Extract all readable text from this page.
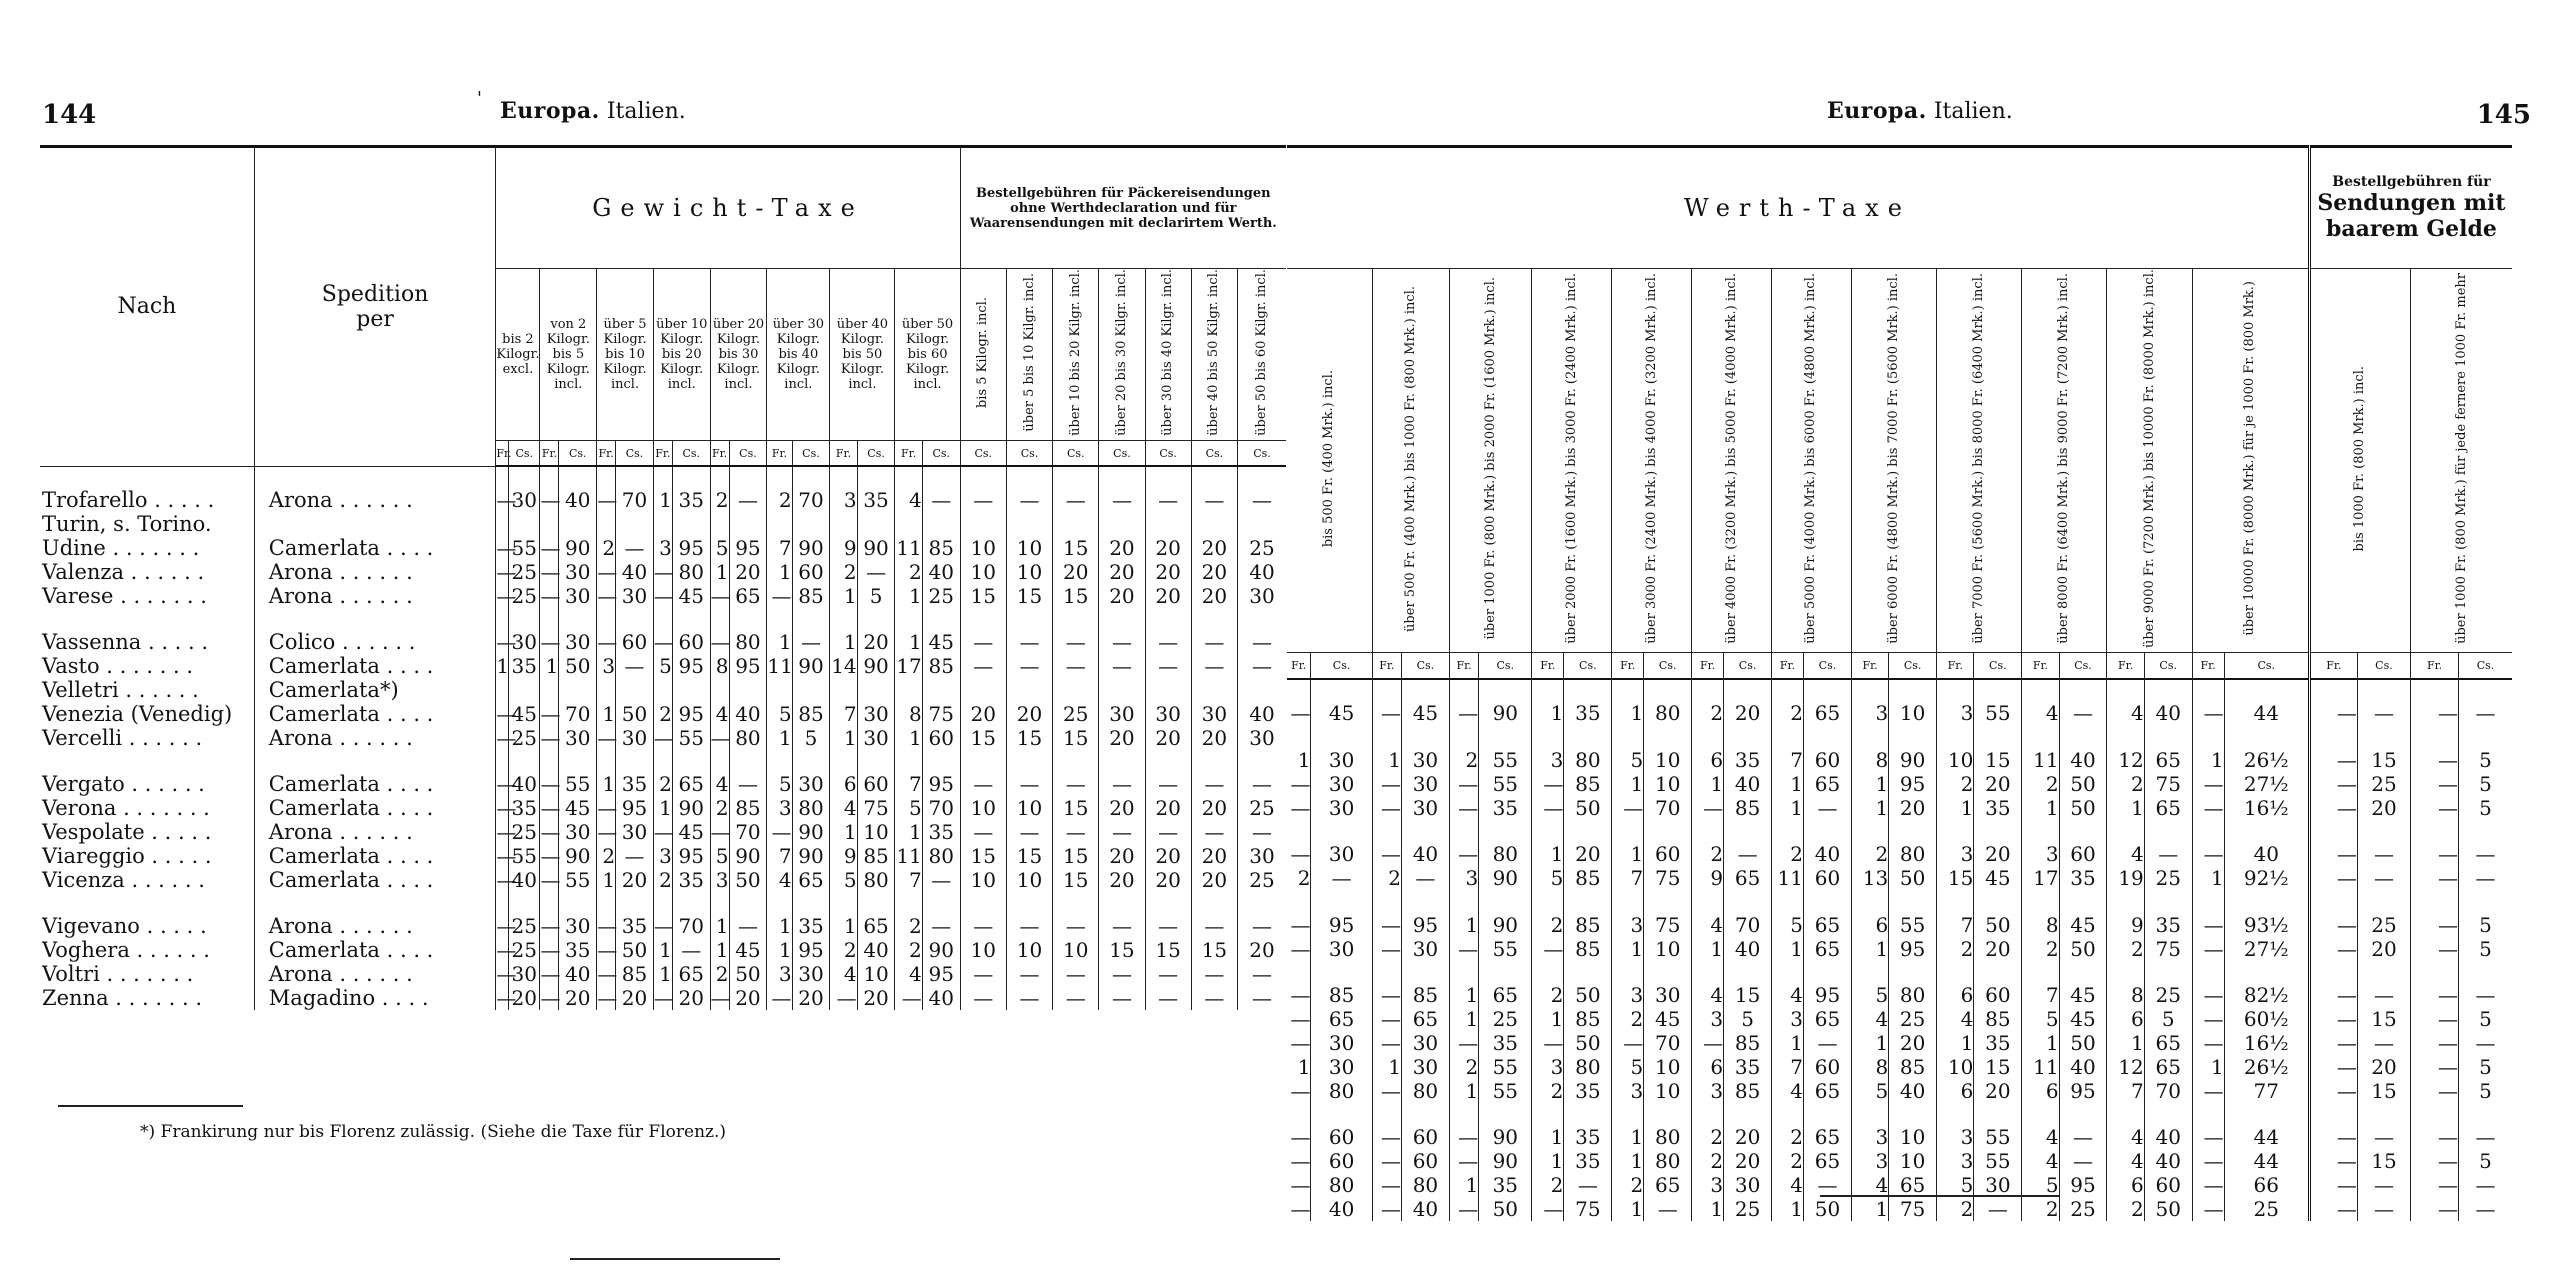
144
' Europa. Italien.
Nach	Spedition per	Gewicht-Taxe																Bestellgebühren für Päckereisendungen ohne Werthdeclaration und für Waarensendungen mit declarirtem Werth.						
		bis 2 Kilogr. excl.		von 2 Kilogr. bis 5 Kilogr. incl.		über 5 Kilogr. bis 10 Kilogr. incl.		über 10 Kilogr. bis 20 Kilogr. incl.		über 20 Kilogr. bis 30 Kilogr. incl.		über 30 Kilogr. bis 40 Kilogr. incl.		über 40 Kilogr. bis 50 Kilogr. incl.		über 50 Kilogr. bis 60 Kilogr. incl.		bis 5 Kilogr. incl.	über 5 bis 10 Kilgr. incl.	über 10 bis 20 Kilgr. incl.	über 20 bis 30 Kilgr. incl.	über 30 bis 40 Kilgr. incl.	über 40 bis 50 Kilgr. incl.	über 50 bis 60 Kilgr. incl.
		Fr.	Cs.	Fr.	Cs.	Fr.	Cs.	Fr.	Cs.	Fr.	Cs.	Fr.	Cs.	Fr.	Cs.	Fr.	Cs.	Cs.	Cs.	Cs.	Cs.	Cs.	Cs.	Cs.

Trofarello . . . . .	Arona . . . . . .	—	30	—	40	—	70	1	35	2	—	2	70	3	35	4	—	—	—	—	—	—	—	—
Turin, s. Torino.																								
Udine . . . . . . .	Camerlata . . . .	—	55	—	90	2	—	3	95	5	95	7	90	9	90	11	85	10	10	15	20	20	20	25
Valenza . . . . . .	Arona . . . . . .	—	25	—	30	—	40	—	80	1	20	1	60	2	—	2	40	10	10	20	20	20	20	40
Varese . . . . . . .	Arona . . . . . .	—	25	—	30	—	30	—	45	—	65	—	85	1	5	1	25	15	15	15	20	20	20	30

Vassenna . . . . .	Colico . . . . . .	—	30	—	30	—	60	—	60	—	80	1	—	1	20	1	45	—	—	—	—	—	—	—
Vasto . . . . . . .	Camerlata . . . .	1	35	1	50	3	—	5	95	8	95	11	90	14	90	17	85	—	—	—	—	—	—	—
Velletri . . . . . .	Camerlata*)																							
Venezia (Venedig)	Camerlata . . . .	—	45	—	70	1	50	2	95	4	40	5	85	7	30	8	75	20	20	25	30	30	30	40
Vercelli . . . . . .	Arona . . . . . .	—	25	—	30	—	30	—	55	—	80	1	5	1	30	1	60	15	15	15	20	20	20	30

Vergato . . . . . .	Camerlata . . . .	—	40	—	55	1	35	2	65	4	—	5	30	6	60	7	95	—	—	—	—	—	—	—
Verona . . . . . . .	Camerlata . . . .	—	35	—	45	—	95	1	90	2	85	3	80	4	75	5	70	10	10	15	20	20	20	25
Vespolate . . . . .	Arona . . . . . .	—	25	—	30	—	30	—	45	—	70	—	90	1	10	1	35	—	—	—	—	—	—	—
Viareggio . . . . .	Camerlata . . . .	—	55	—	90	2	—	3	95	5	90	7	90	9	85	11	80	15	15	15	20	20	20	30
Vicenza . . . . . .	Camerlata . . . .	—	40	—	55	1	20	2	35	3	50	4	65	5	80	7	—	10	10	15	20	20	20	25

Vigevano . . . . .	Arona . . . . . .	—	25	—	30	—	35	—	70	1	—	1	35	1	65	2	—	—	—	—	—	—	—	—
Voghera . . . . . .	Camerlata . . . .	—	25	—	35	—	50	1	—	1	45	1	95	2	40	2	90	10	10	10	15	15	15	20
Voltri . . . . . . .	Arona . . . . . .	—	30	—	40	—	85	1	65	2	50	3	30	4	10	4	95	—	—	—	—	—	—	—
Zenna . . . . . . .	Magadino . . . .	—	20	—	20	—	20	—	20	—	20	—	20	—	20	—	40	—	—	—	—	—	—	—
*) Frankirung nur bis Florenz zulässig. (Siehe die Taxe für Florenz.)
145
Europa. Italien.
Werth-Taxe																								Bestellgebühren für
Sendungen mit baarem Gelde			

bis 500 Fr. (400 Mrk.) incl.		über 500 Fr. (400 Mrk.) bis 1000 Fr. (800 Mrk.) incl.		über 1000 Fr. (800 Mrk.) bis 2000 Fr. (1600 Mrk.) incl.		über 2000 Fr. (1600 Mrk.) bis 3000 Fr. (2400 Mrk.) incl.		über 3000 Fr. (2400 Mrk.) bis 4000 Fr. (3200 Mrk.) incl.		über 4000 Fr. (3200 Mrk.) bis 5000 Fr. (4000 Mrk.) incl.		über 5000 Fr. (4000 Mrk.) bis 6000 Fr. (4800 Mrk.) incl.		über 6000 Fr. (4800 Mrk.) bis 7000 Fr. (5600 Mrk.) incl.		über 7000 Fr. (5600 Mrk.) bis 8000 Fr. (6400 Mrk.) incl.		über 8000 Fr. (6400 Mrk.) bis 9000 Fr. (7200 Mrk.) incl.		über 9000 Fr. (7200 Mrk.) bis 10000 Fr. (8000 Mrk.) incl.		über 10000 Fr. (8000 Mrk.) für je 1000 Fr. (800 Mrk.)		bis 1000 Fr. (800 Mrk.) incl.		über 1000 Fr. (800 Mrk.) für jede fernere 1000 Fr. mehr	
Fr.	Cs.	Fr.	Cs.	Fr.	Cs.	Fr.	Cs.	Fr.	Cs.	Fr.	Cs.	Fr.	Cs.	Fr.	Cs.	Fr.	Cs.	Fr.	Cs.	Fr.	Cs.	Fr.	Cs.	Fr.	Cs.	Fr.	Cs.

—	45	—	45	—	90	1	35	1	80	2	20	2	65	3	10	3	55	4	—	4	40	—	44	—	—	—	—

1	30	1	30	2	55	3	80	5	10	6	35	7	60	8	90	10	15	11	40	12	65	1	26½	—	15	—	5
—	30	—	30	—	55	—	85	1	10	1	40	1	65	1	95	2	20	2	50	2	75	—	27½	—	25	—	5
—	30	—	30	—	35	—	50	—	70	—	85	1	—	1	20	1	35	1	50	1	65	—	16½	—	20	—	5

—	30	—	40	—	80	1	20	1	60	2	—	2	40	2	80	3	20	3	60	4	—	—	40	—	—	—	—
2	—	2	—	3	90	5	85	7	75	9	65	11	60	13	50	15	45	17	35	19	25	1	92½	—	—	—	—

—	95	—	95	1	90	2	85	3	75	4	70	5	65	6	55	7	50	8	45	9	35	—	93½	—	25	—	5
—	30	—	30	—	55	—	85	1	10	1	40	1	65	1	95	2	20	2	50	2	75	—	27½	—	20	—	5

—	85	—	85	1	65	2	50	3	30	4	15	4	95	5	80	6	60	7	45	8	25	—	82½	—	—	—	—
—	65	—	65	1	25	1	85	2	45	3	5	3	65	4	25	4	85	5	45	6	5	—	60½	—	15	—	5
—	30	—	30	—	35	—	50	—	70	—	85	1	—	1	20	1	35	1	50	1	65	—	16½	—	—	—	—
1	30	1	30	2	55	3	80	5	10	6	35	7	60	8	85	10	15	11	40	12	65	1	26½	—	20	—	5
—	80	—	80	1	55	2	35	3	10	3	85	4	65	5	40	6	20	6	95	7	70	—	77	—	15	—	5

—	60	—	60	—	90	1	35	1	80	2	20	2	65	3	10	3	55	4	—	4	40	—	44	—	—	—	—
—	60	—	60	—	90	1	35	1	80	2	20	2	65	3	10	3	55	4	—	4	40	—	44	—	15	—	5
—	80	—	80	1	35	2	—	2	65	3	30	4	—	4	65	5	30	5	95	6	60	—	66	—	—	—	—
—	40	—	40	—	50	—	75	1	—	1	25	1	50	1	75	2	—	2	25	2	50	—	25	—	—	—	—
